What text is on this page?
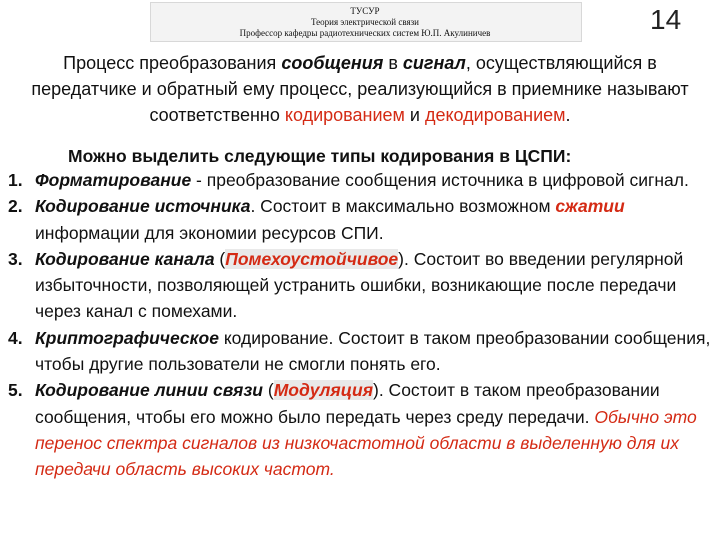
ТУСУР
Теория электрической связи
Профессор кафедры радиотехнических систем Ю.П. Акулиничев	14
Процесс преобразования сообщения в сигнал, осуществляющийся в передатчике и обратный ему процесс, реализующийся в приемнике называют соответственно кодированием и декодированием.
Можно выделить следующие типы кодирования в ЦСПИ:
1. Форматирование - преобразование сообщения источника в цифровой сигнал.
2. Кодирование источника. Состоит в максимально возможном сжатии информации для экономии ресурсов СПИ.
3. Кодирование канала (Помехоустойчивое). Состоит во введении регулярной избыточности, позволяющей устранить ошибки, возникающие после передачи через канал с помехами.
4. Криптографическое кодирование. Состоит в таком преобразовании сообщения, чтобы другие пользователи не смогли понять его.
5. Кодирование линии связи (Модуляция). Состоит в таком преобразовании сообщения, чтобы его можно было передать через среду передачи. Обычно это перенос спектра сигналов из низкочастотной области в выделенную для их передачи область высоких частот.
